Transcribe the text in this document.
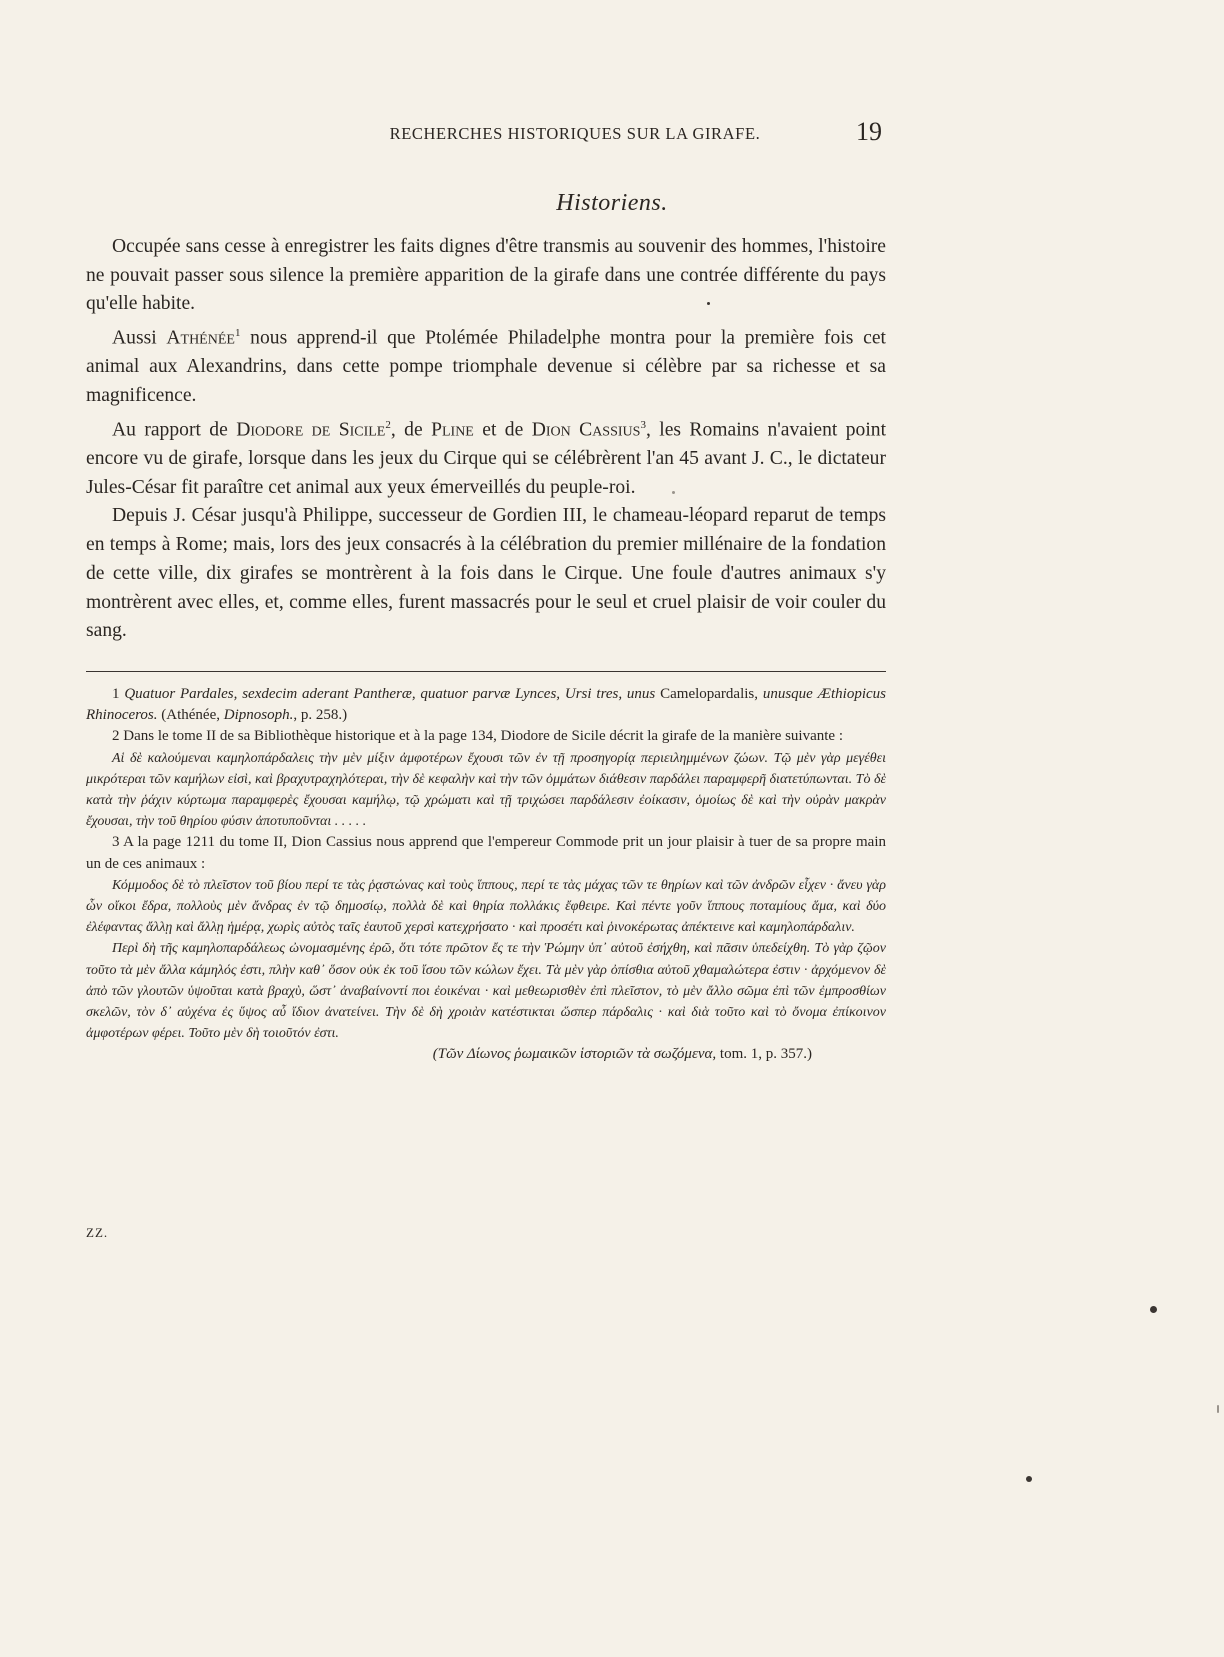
RECHERCHES HISTORIQUES SUR LA GIRAFE.	19
Historiens.

Occupée sans cesse à enregistrer les faits dignes d'être transmis au souvenir des hommes, l'histoire ne pouvait passer sous silence la première apparition de la girafe dans une contrée différente du pays qu'elle habite.

Aussi Athénée$^1$ nous apprend-il que Ptolémée Philadelphe montra pour la première fois cet animal aux Alexandrins, dans cette pompe triomphale devenue si célèbre par sa richesse et sa magnificence.

Au rapport de Diodore de Sicile$^2$, de Pline et de Dion Cassius$^3$, les Romains n'avaient point encore vu de girafe, lorsque dans les jeux du Cirque qui se célébrèrent l'an 45 avant J. C., le dictateur Jules-César fit paraître cet animal aux yeux émerveillés du peuple-roi.

Depuis J. César jusqu'à Philippe, successeur de Gordien III, le chameau-léopard reparut de temps en temps à Rome; mais, lors des jeux consacrés à la célébration du premier millénaire de la fondation de cette ville, dix girafes se montrèrent à la fois dans le Cirque. Une foule d'autres animaux s'y montrèrent avec elles, et, comme elles, furent massacrés pour le seul et cruel plaisir de voir couler du sang.

1 Quatuor Pardales, sexdecim aderant Pantheræ, quatuor parvæ Lynces, Ursi tres, unus Camelopardalis, unusque Æthiopicus Rhinoceros. (Athénée, Dipnosoph., p. 258.)

2 Dans le tome II de sa Bibliothèque historique et à la page 134, Diodore de Sicile décrit la girafe de la manière suivante :

Αἱ δὲ καλούμεναι καμηλοπάρδαλεις τὴν μὲν μίξιν ἀμφοτέρων ἔχουσι τῶν ἐν τῇ προσηγορίᾳ περιειλημμένων ζώων. Τῷ μὲν γὰρ μεγέθει μικρότεραι τῶν καμήλων εἰσὶ, καὶ βραχυτραχηλότεραι, τὴν δὲ κεφαλὴν καὶ τὴν τῶν ὀμμάτων διάθεσιν παρδάλει παραμφερῆ διατετύπωνται. Τὸ δὲ κατὰ τὴν ῥάχιν κύρτωμα παραμφερὲς ἔχουσαι καμήλῳ, τῷ χρώματι καὶ τῇ τριχώσει παρδάλεσιν ἐοίκασιν, ὁμοίως δὲ καὶ τὴν οὐρὰν μακρὰν ἔχουσαι, τὴν τοῦ θηρίου φύσιν ἀποτυποῦνται . . . . .

3 A la page 1211 du tome II, Dion Cassius nous apprend que l'empereur Commode prit un jour plaisir à tuer de sa propre main un de ces animaux :

Κόμμοδος δὲ τὸ πλεῖστον τοῦ βίου περί τε τὰς ῥᾳστώνας καὶ τοὺς ἵππους, περί τε τὰς μάχας τῶν τε θηρίων καὶ τῶν ἀνδρῶν εἶχεν · ἄνευ γὰρ ὧν οἴκοι ἔδρα, πολλοὺς μὲν ἄνδρας ἐν τῷ δημοσίῳ, πολλὰ δὲ καὶ θηρία πολλάκις ἔφθειρε. Καὶ πέντε γοῦν ἵππους ποταμίους ἅμα, καὶ δύο ἐλέφαντας ἄλλῃ καὶ ἄλλῃ ἡμέρᾳ, χωρὶς αὐτὸς ταῖς ἑαυτοῦ χερσὶ κατεχρήσατο · καὶ προσέτι καὶ ῥινοκέρωτας ἀπέκτεινε καὶ καμηλοπάρδαλιν.

Περὶ δὴ τῆς καμηλοπαρδάλεως ὠνομασμένης ἐρῶ, ὅτι τότε πρῶτον ἔς τε τὴν Ῥώμην ὑπ᾽ αὐτοῦ ἐσήχθη, καὶ πᾶσιν ὑπεδείχθη. Τὸ γὰρ ζῷον τοῦτο τὰ μὲν ἄλλα κάμηλός ἐστι, πλὴν καθ᾽ ὅσον οὐκ ἐκ τοῦ ἴσου τῶν κώλων ἔχει. Τὰ μὲν γὰρ ὀπίσθια αὐτοῦ χθαμαλώτερα ἐστιν · ἀρχόμενον δὲ ἀπὸ τῶν γλουτῶν ὑψοῦται κατὰ βραχὺ, ὥστ᾽ ἀναβαίνοντί ποι ἐοικέναι · καὶ μεθεωρισθὲν ἐπὶ πλεῖστον, τὸ μὲν ἄλλο σῶμα ἐπὶ τῶν ἐμπροσθίων σκελῶν, τὸν δ᾽ αὐχένα ἐς ὕψος αὖ ἴδιον ἀνατείνει. Τὴν δὲ δὴ χροιὰν κατέστικται ὥσπερ πάρδαλις · καὶ διὰ τοῦτο καὶ τὸ ὄνομα ἐπίκοινον ἀμφοτέρων φέρει. Τοῦτο μὲν δὴ τοιοῦτόν ἐστι.

(Τῶν Δίωνος ῥωμαικῶν ἱστοριῶν τὰ σωζόμενα, tom. 1, p. 357.)

ZZ.
